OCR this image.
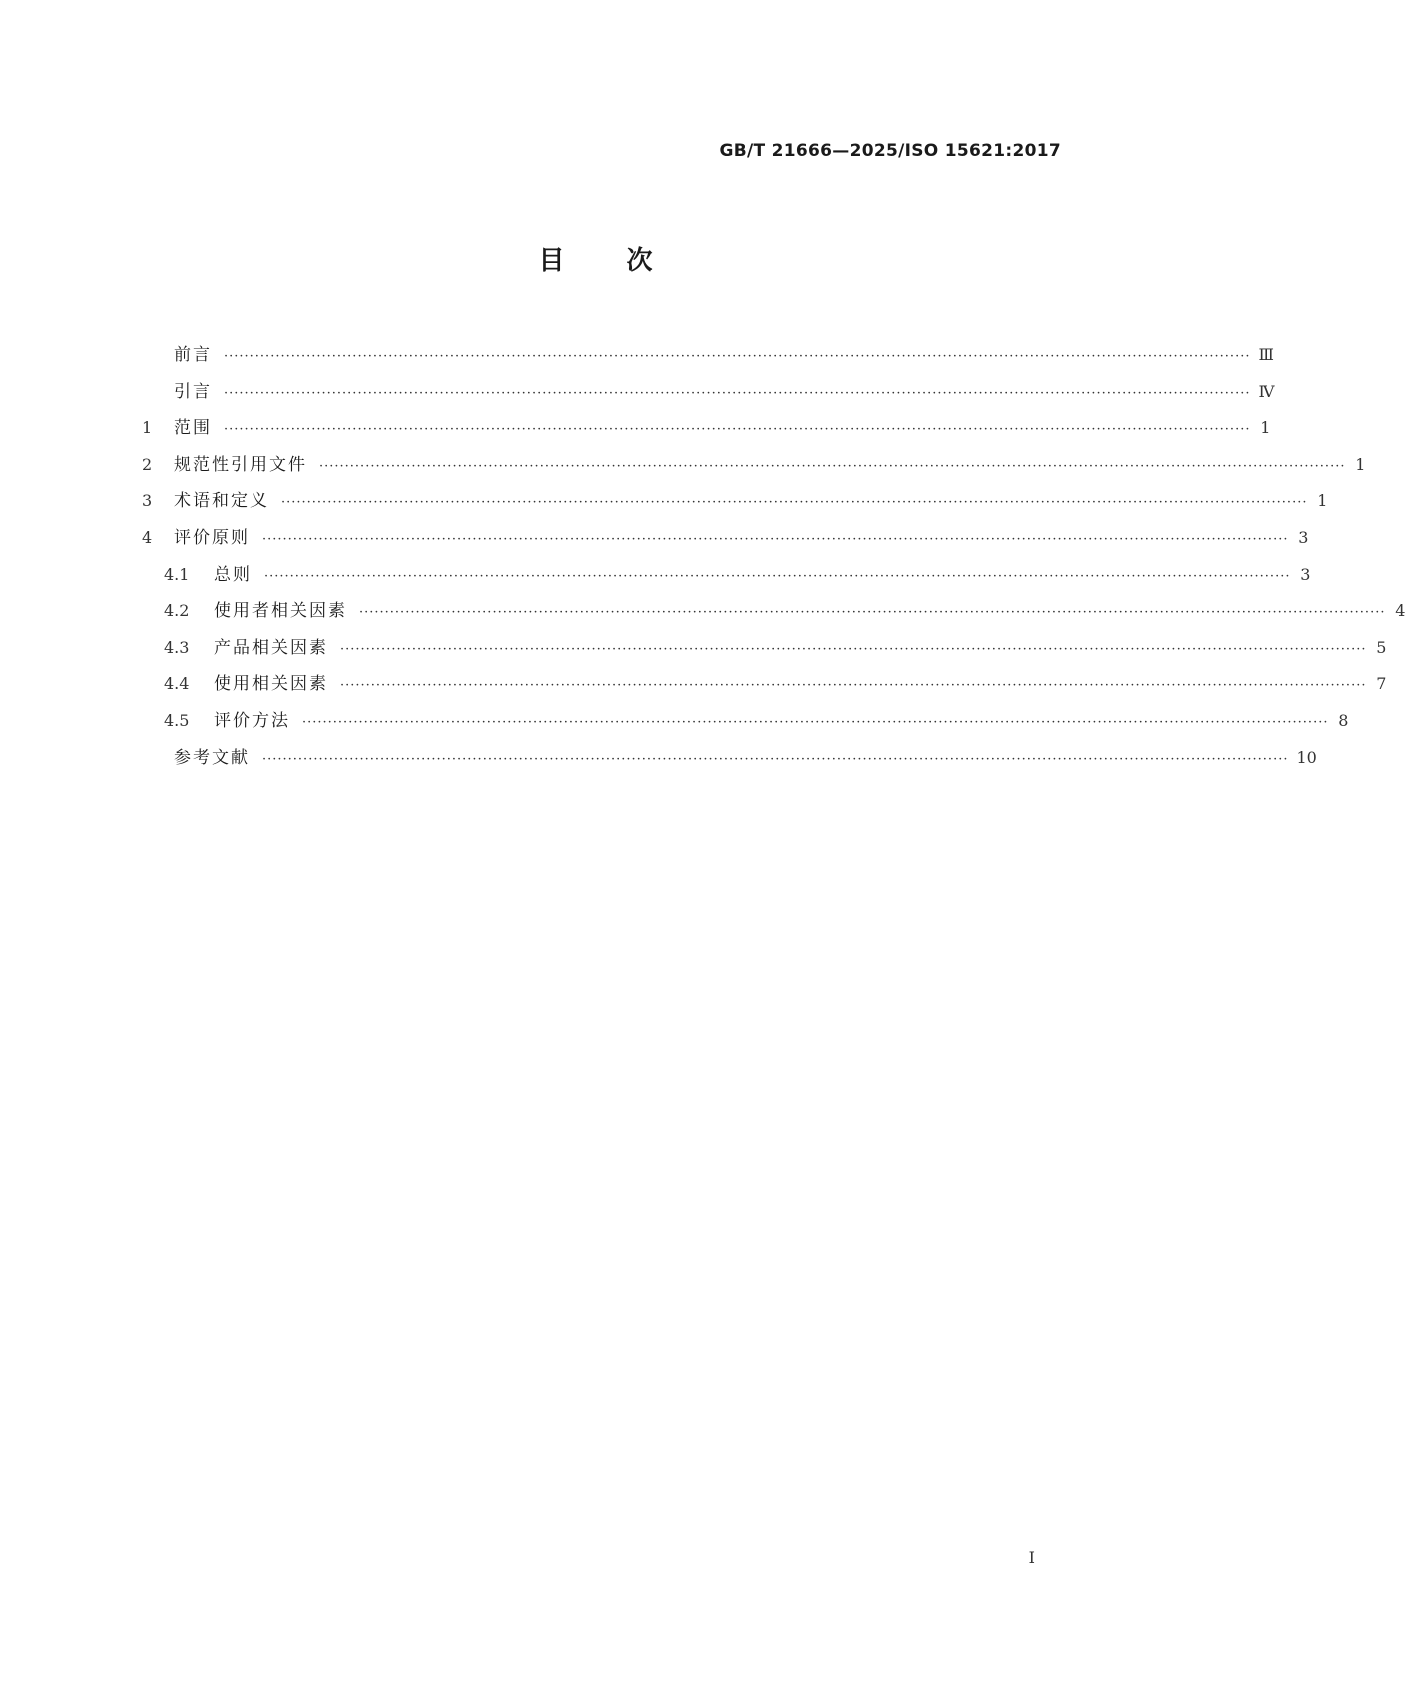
GB/T 21666—2025/ISO 15621:2017
目次
前言 ········································································································································································································ Ⅲ
引言 ········································································································································································································ Ⅳ
1	范围 ········································································································································································································ 1
2	规范性引用文件 ········································································································································································································ 1
3	术语和定义 ········································································································································································································ 1
4	评价原则 ········································································································································································································ 3
4.1	总则 ········································································································································································································ 3
4.2	使用者相关因素 ········································································································································································································ 4
4.3	产品相关因素 ········································································································································································································ 5
4.4	使用相关因素 ········································································································································································································ 7
4.5	评价方法 ········································································································································································································ 8
参考文献 ········································································································································································································ 10
Ⅰ
